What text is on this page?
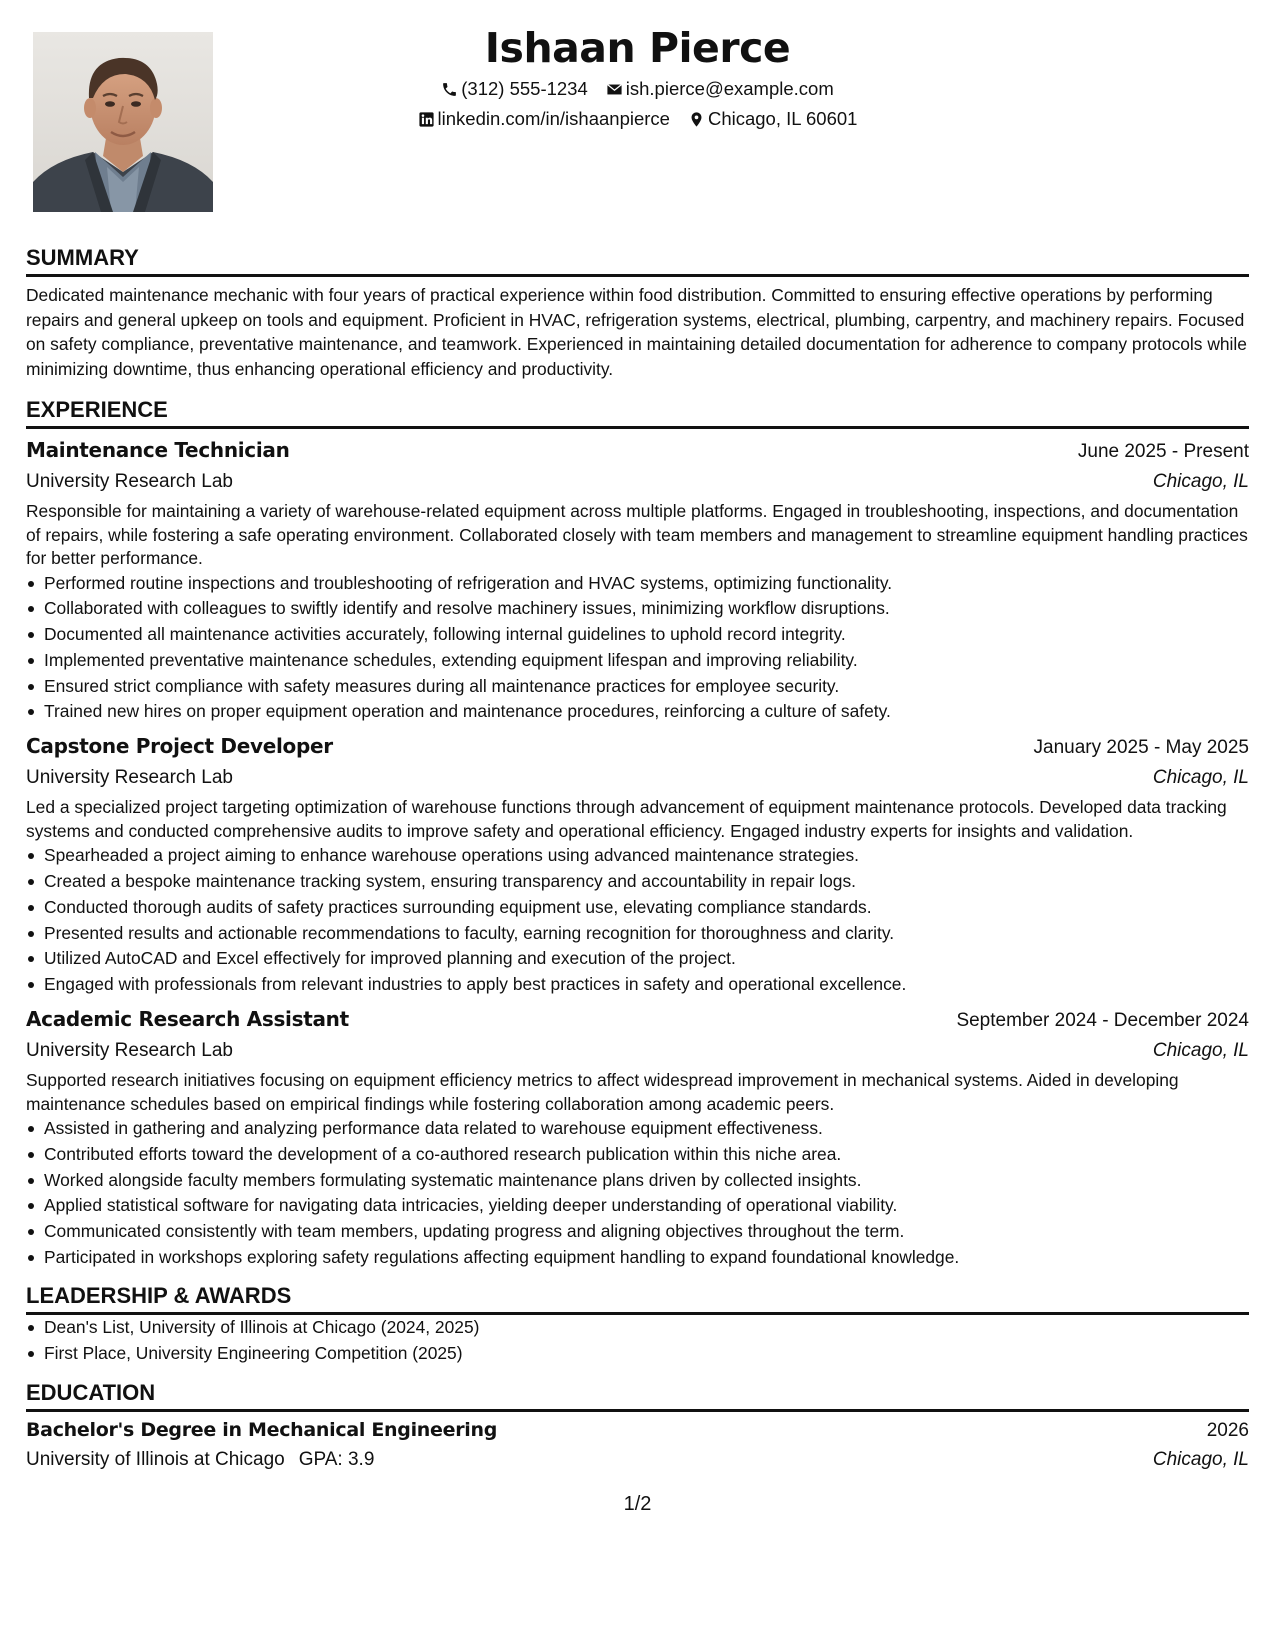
Ishaan Pierce
(312) 555-1234 ish.pierce@example.com
linkedin.com/in/ishaanpierce Chicago, IL 60601
SUMMARY

Dedicated maintenance mechanic with four years of practical experience within food distribution. Committed to ensuring effective operations by performing repairs and general upkeep on tools and equipment. Proficient in HVAC, refrigeration systems, electrical, plumbing, carpentry, and machinery repairs. Focused on safety compliance, preventative maintenance, and teamwork. Experienced in maintaining detailed documentation for adherence to company protocols while minimizing downtime, thus enhancing operational efficiency and productivity.

EXPERIENCE
Maintenance Technician	June 2025 - Present
University Research Lab	Chicago, IL

Responsible for maintaining a variety of warehouse-related equipment across multiple platforms. Engaged in troubleshooting, inspections, and documentation of repairs, while fostering a safe operating environment. Collaborated closely with team members and management to streamline equipment handling practices for better performance.

Performed routine inspections and troubleshooting of refrigeration and HVAC systems, optimizing functionality.
Collaborated with colleagues to swiftly identify and resolve machinery issues, minimizing workflow disruptions.
Documented all maintenance activities accurately, following internal guidelines to uphold record integrity.
Implemented preventative maintenance schedules, extending equipment lifespan and improving reliability.
Ensured strict compliance with safety measures during all maintenance practices for employee security.
Trained new hires on proper equipment operation and maintenance procedures, reinforcing a culture of safety.
Capstone Project Developer	January 2025 - May 2025
University Research Lab	Chicago, IL

Led a specialized project targeting optimization of warehouse functions through advancement of equipment maintenance protocols. Developed data tracking systems and conducted comprehensive audits to improve safety and operational efficiency. Engaged industry experts for insights and validation.

Spearheaded a project aiming to enhance warehouse operations using advanced maintenance strategies.
Created a bespoke maintenance tracking system, ensuring transparency and accountability in repair logs.
Conducted thorough audits of safety practices surrounding equipment use, elevating compliance standards.
Presented results and actionable recommendations to faculty, earning recognition for thoroughness and clarity.
Utilized AutoCAD and Excel effectively for improved planning and execution of the project.
Engaged with professionals from relevant industries to apply best practices in safety and operational excellence.
Academic Research Assistant	September 2024 - December 2024
University Research Lab	Chicago, IL

Supported research initiatives focusing on equipment efficiency metrics to affect widespread improvement in mechanical systems. Aided in developing maintenance schedules based on empirical findings while fostering collaboration among academic peers.

Assisted in gathering and analyzing performance data related to warehouse equipment effectiveness.
Contributed efforts toward the development of a co-authored research publication within this niche area.
Worked alongside faculty members formulating systematic maintenance plans driven by collected insights.
Applied statistical software for navigating data intricacies, yielding deeper understanding of operational viability.
Communicated consistently with team members, updating progress and aligning objectives throughout the term.
Participated in workshops exploring safety regulations affecting equipment handling to expand foundational knowledge.
LEADERSHIP & AWARDS
Dean's List, University of Illinois at Chicago (2024, 2025)
First Place, University Engineering Competition (2025)
EDUCATION
Bachelor's Degree in Mechanical Engineering	2026
University of Illinois at Chicago GPA: 3.9	Chicago, IL
1/2
